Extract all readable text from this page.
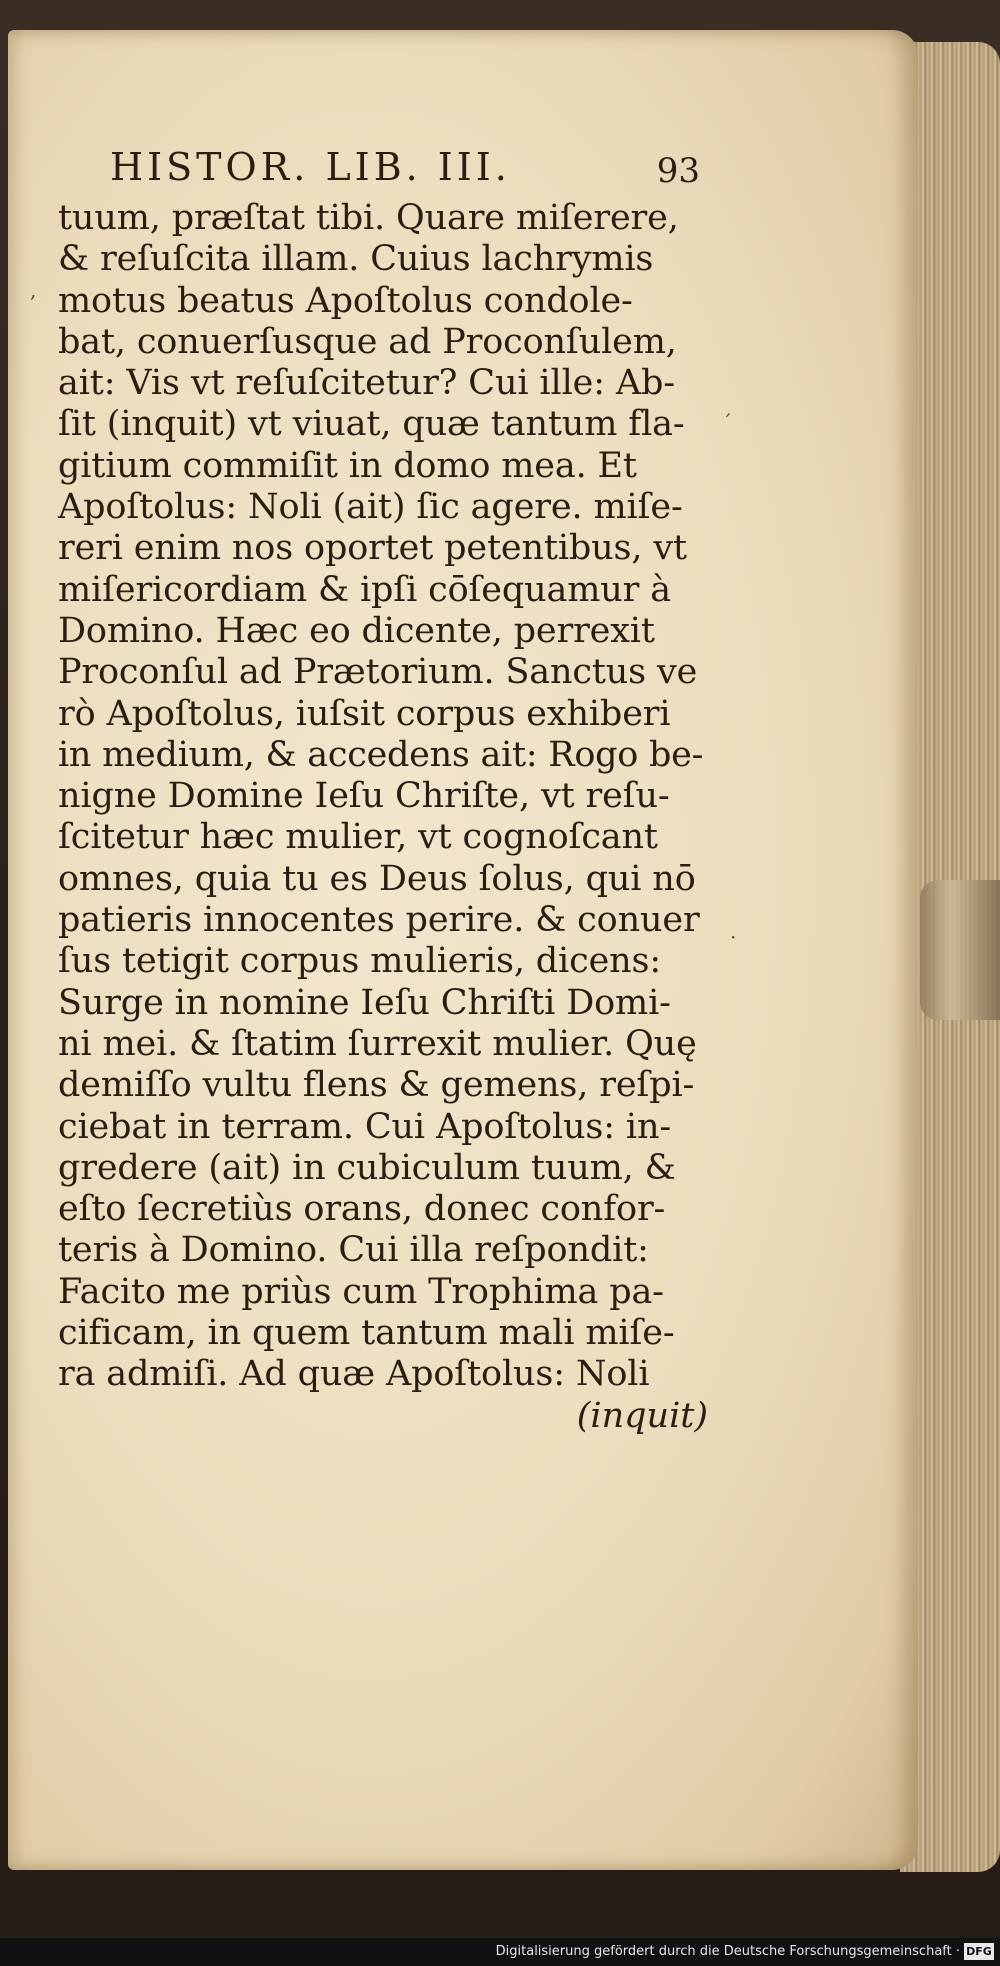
HISTOR. LIB. III.	93
tuum, præſtat tibi. Quare miſerere,
& reſuſcita illam. Cuius lachrymis
motus beatus Apoſtolus condole-
bat, conuerſusque ad Proconſulem,
ait: Vis vt reſuſcitetur? Cui ille: Ab-
ſit (inquit) vt viuat, quæ tantum fla-
gitium commiſit in domo mea. Et
Apoſtolus: Noli (ait) ſic agere. miſe-
reri enim nos oportet petentibus, vt
miſericordiam & ipſi cōſequamur à
Domino. Hæc eo dicente, perrexit
Proconſul ad Prætorium. Sanctus ve
rò Apoſtolus, iuſsit corpus exhiberi
in medium, & accedens ait: Rogo be-
nigne Domine Ieſu Chriſte, vt reſu-
ſcitetur hæc mulier, vt cognoſcant
omnes, quia tu es Deus ſolus, qui nō
patieris innocentes perire. & conuer
ſus tetigit corpus mulieris, dicens:
Surge in nomine Ieſu Chriſti Domi-
ni mei. & ſtatim ſurrexit mulier. Quę
demiſſo vultu flens & gemens, reſpi-
ciebat in terram. Cui Apoſtolus: in-
gredere (ait) in cubiculum tuum, &
eſto ſecretiùs orans, donec confor-
teris à Domino. Cui illa reſpondit:
Facito me priùs cum Trophima pa-
cificam, in quem tantum mali miſe-
ra admiſi. Ad quæ Apoſtolus: Noli
(inquit)
,
´
·
Digitalisierung gefördert durch die Deutsche Forschungsgemeinschaft · DFG
